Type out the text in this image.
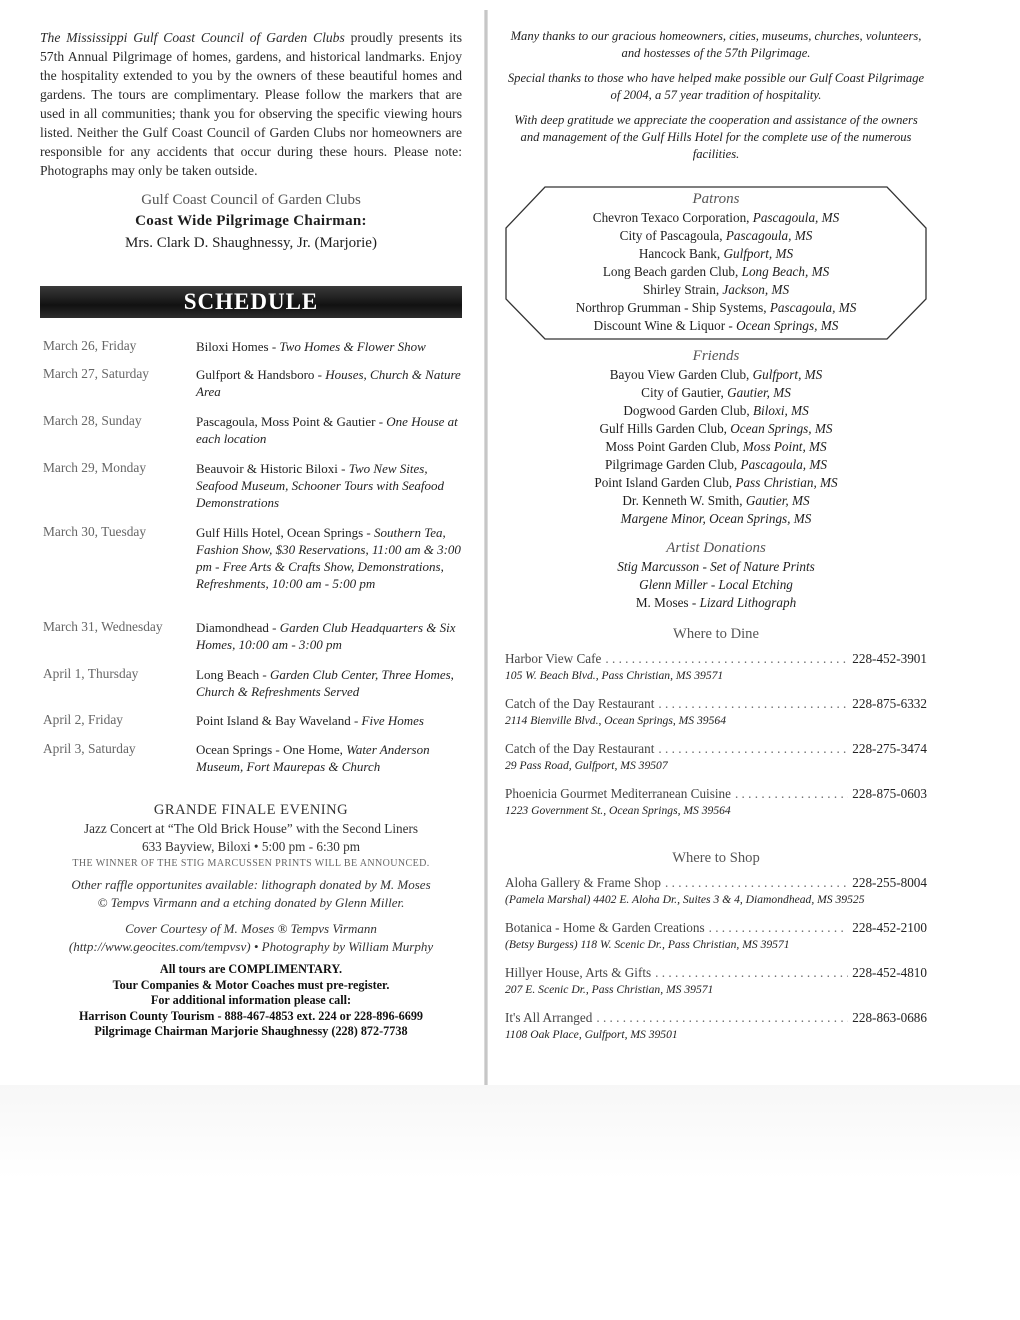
The Mississippi Gulf Coast Council of Garden Clubs proudly presents its 57th Annual Pilgrimage of homes, gardens, and historical landmarks. Enjoy the hospitality extended to you by the owners of these beautiful homes and gardens. The tours are complimentary. Please follow the markers that are used in all communities; thank you for observing the specific viewing hours listed. Neither the Gulf Coast Council of Garden Clubs nor homeowners are responsible for any accidents that occur during these hours. Please note: Photographs may only be taken outside.

Gulf Coast Council of Garden Clubs
Coast Wide Pilgrimage Chairman:
Mrs. Clark D. Shaughnessy, Jr. (Marjorie)
SCHEDULE
March 26, Friday	Biloxi Homes - Two Homes & Flower Show
March 27, Saturday	Gulfport & Handsboro - Houses, Church & Nature Area
March 28, Sunday	Pascagoula, Moss Point & Gautier - One House at each location
March 29, Monday	Beauvoir & Historic Biloxi - Two New Sites, Seafood Museum, Schooner Tours with Seafood Demonstrations
March 30, Tuesday	Gulf Hills Hotel, Ocean Springs - Southern Tea, Fashion Show, $30 Reservations, 11:00 am & 3:00 pm - Free Arts & Crafts Show, Demonstrations, Refreshments, 10:00 am - 5:00 pm
March 31, Wednesday	Diamondhead - Garden Club Headquarters & Six Homes, 10:00 am - 3:00 pm
April 1, Thursday	Long Beach - Garden Club Center, Three Homes, Church & Refreshments Served
April 2, Friday	Point Island & Bay Waveland - Five Homes
April 3, Saturday	Ocean Springs - One Home, Water Anderson Museum, Fort Maurepas & Church
GRANDE FINALE EVENING
Jazz Concert at “The Old Brick House” with the Second Liners
633 Bayview, Biloxi • 5:00 pm - 6:30 pm
THE WINNER OF THE STIG MARCUSSEN PRINTS WILL BE ANNOUNCED.
Other raffle opportunites available: lithograph donated by M. Moses
© Tempvs Virmann and a etching donated by Glenn Miller.
Cover Courtesy of M. Moses ® Tempvs Virmann
(http://www.geocites.com/tempvsv) • Photography by William Murphy
All tours are COMPLIMENTARY.
Tour Companies & Motor Coaches must pre-register.
For additional information please call:
Harrison County Tourism - 888-467-4853 ext. 224 or 228-896-6699
Pilgrimage Chairman Marjorie Shaughnessy (228) 872-7738

Many thanks to our gracious homeowners, cities, museums, churches, volunteers, and hostesses of the 57th Pilgrimage.

Special thanks to those who have helped make possible our Gulf Coast Pilgrimage of 2004, a 57 year tradition of hospitality.

With deep gratitude we appreciate the cooperation and assistance of the owners and management of the Gulf Hills Hotel for the complete use of the numerous facilities.

Patrons
Chevron Texaco Corporation, Pascagoula, MS
City of Pascagoula, Pascagoula, MS
Hancock Bank, Gulfport, MS
Long Beach garden Club, Long Beach, MS
Shirley Strain, Jackson, MS
Northrop Grumman - Ship Systems, Pascagoula, MS
Discount Wine & Liquor - Ocean Springs, MS
Friends
Bayou View Garden Club, Gulfport, MS
City of Gautier, Gautier, MS
Dogwood Garden Club, Biloxi, MS
Gulf Hills Garden Club, Ocean Springs, MS
Moss Point Garden Club, Moss Point, MS
Pilgrimage Garden Club, Pascagoula, MS
Point Island Garden Club, Pass Christian, MS
Dr. Kenneth W. Smith, Gautier, MS
Margene Minor, Ocean Springs, MS
Artist Donations
Stig Marcusson - Set of Nature Prints
Glenn Miller - Local Etching
M. Moses - Lizard Lithograph
Where to Dine
Harbor View Cafe . . .	228-452-3901
105 W. Beach Blvd., Pass Christian, MS 39571
Catch of the Day Restaurant . . .	228-875-6332
2114 Bienville Blvd., Ocean Springs, MS 39564
Catch of the Day Restaurant . . .	228-275-3474
29 Pass Road, Gulfport, MS 39507
Phoenicia Gourmet Mediterranean Cuisine . . .	228-875-0603
1223 Government St., Ocean Springs, MS 39564
Where to Shop
Aloha Gallery & Frame Shop . . .	228-255-8004
(Pamela Marshal) 4402 E. Aloha Dr., Suites 3 & 4, Diamondhead, MS 39525
Botanica - Home & Garden Creations . . .	228-452-2100
(Betsy Burgess) 118 W. Scenic Dr., Pass Christian, MS 39571
Hillyer House, Arts & Gifts . . .	228-452-4810
207 E. Scenic Dr., Pass Christian, MS 39571
It's All Arranged . . .	228-863-0686
1108 Oak Place, Gulfport, MS 39501
